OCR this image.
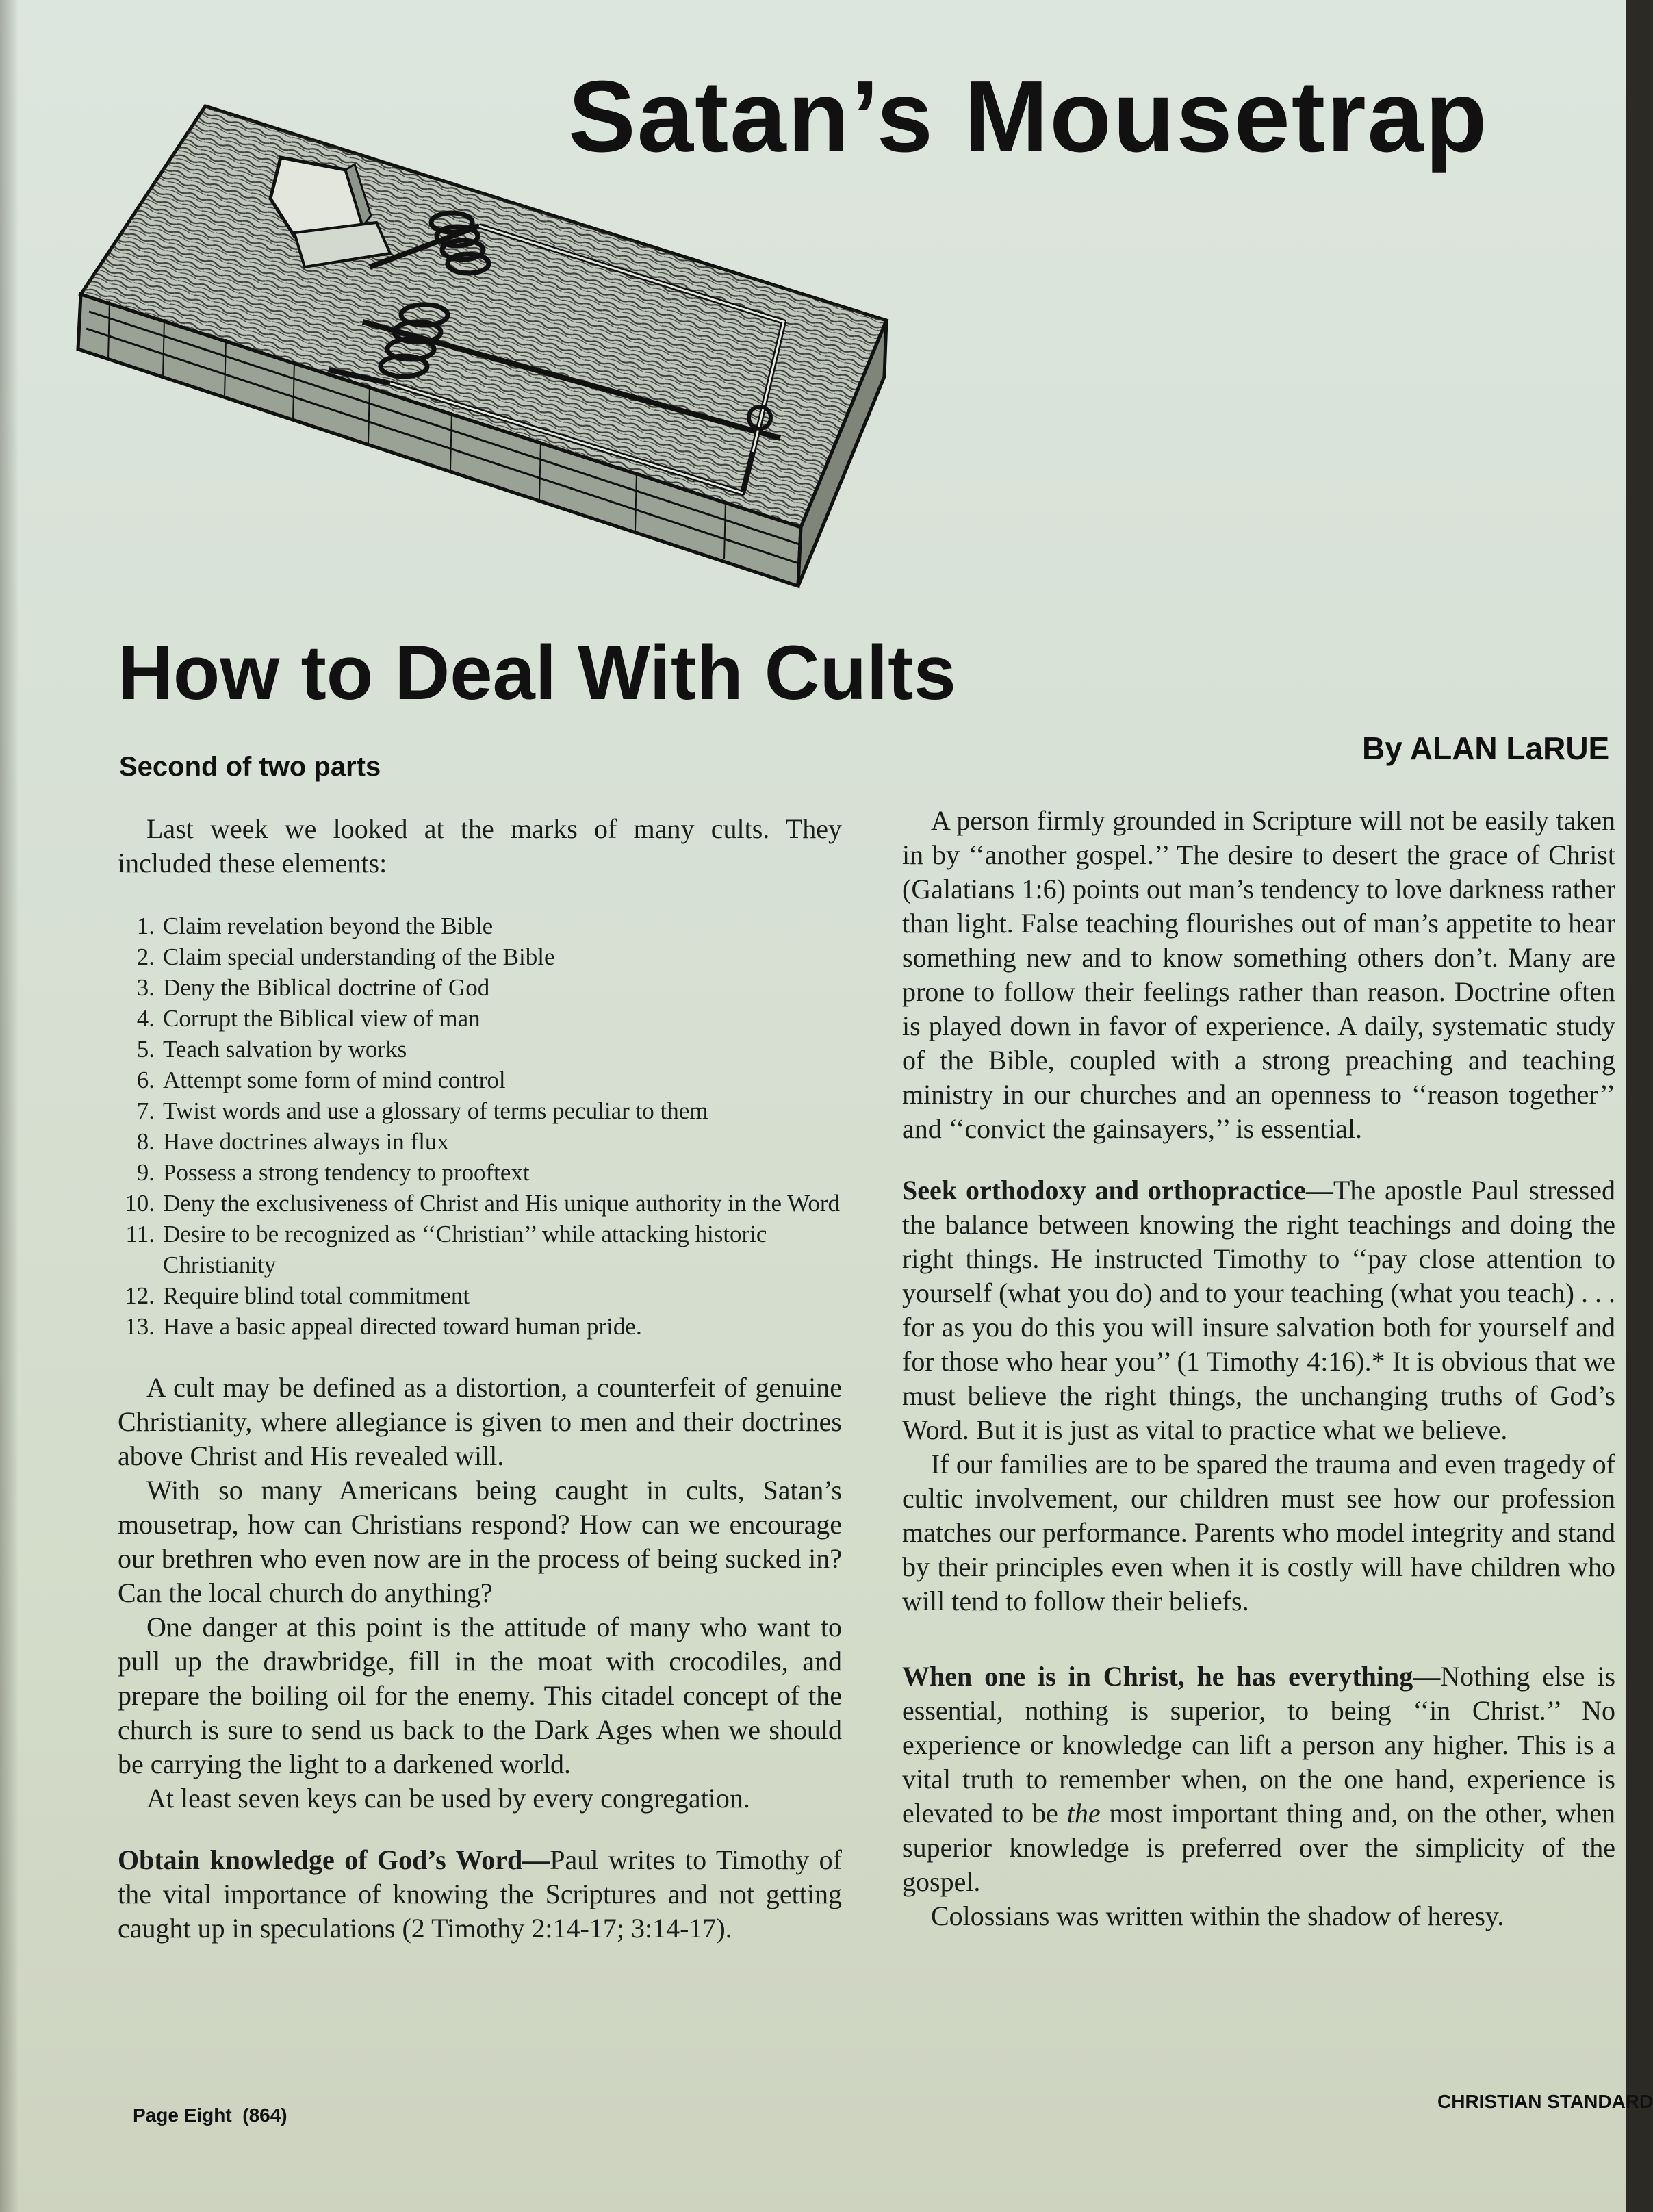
Satan’s Mousetrap
How to Deal With Cults
Second of two parts
By ALAN LaRUE

Last week we looked at the marks of many cults. They included these elements:

1. Claim revelation beyond the Bible
2. Claim special understanding of the Bible
3. Deny the Biblical doctrine of God
4. Corrupt the Biblical view of man
5. Teach salvation by works
6. Attempt some form of mind control
7. Twist words and use a glossary of terms peculiar to them
8. Have doctrines always in flux
9. Possess a strong tendency to prooftext
10. Deny the exclusiveness of Christ and His unique authority in the Word
11. Desire to be recognized as ‘‘Christian’’ while attacking historic Christianity
12. Require blind total commitment
13. Have a basic appeal directed toward human pride.

A cult may be defined as a distortion, a counterfeit of genuine Christianity, where allegiance is given to men and their doctrines above Christ and His revealed will.

With so many Americans being caught in cults, Satan’s mousetrap, how can Christians respond? How can we encourage our brethren who even now are in the process of being sucked in? Can the local church do anything?

One danger at this point is the attitude of many who want to pull up the drawbridge, fill in the moat with crocodiles, and prepare the boiling oil for the enemy. This citadel concept of the church is sure to send us back to the Dark Ages when we should be carrying the light to a darkened world.

At least seven keys can be used by every congregation.

Obtain knowledge of God’s Word—Paul writes to Timothy of the vital importance of knowing the Scriptures and not getting caught up in speculations (2 Timothy 2:14-17; 3:14-17).

A person firmly grounded in Scripture will not be easily taken in by ‘‘another gospel.’’ The desire to desert the grace of Christ (Galatians 1:6) points out man’s tendency to love darkness rather than light. False teaching flourishes out of man’s appetite to hear something new and to know something others don’t. Many are prone to follow their feelings rather than reason. Doctrine often is played down in favor of experience. A daily, systematic study of the Bible, coupled with a strong preaching and teaching ministry in our churches and an openness to ‘‘reason together’’ and ‘‘convict the gainsayers,’’ is essential.

Seek orthodoxy and orthopractice—The apostle Paul stressed the balance between knowing the right teachings and doing the right things. He instructed Timothy to ‘‘pay close attention to yourself (what you do) and to your teaching (what you teach) . . . for as you do this you will insure salvation both for yourself and for those who hear you’’ (1 Timothy 4:16).* It is obvious that we must believe the right things, the unchanging truths of God’s Word. But it is just as vital to practice what we believe.

If our families are to be spared the trauma and even tragedy of cultic involvement, our children must see how our profession matches our performance. Parents who model integrity and stand by their principles even when it is costly will have children who will tend to follow their beliefs.

When one is in Christ, he has everything—Nothing else is essential, nothing is superior, to being ‘‘in Christ.’’ No experience or knowledge can lift a person any higher. This is a vital truth to remember when, on the one hand, experience is elevated to be the most important thing and, on the other, when superior knowledge is preferred over the simplicity of the gospel.

Colossians was written within the shadow of heresy.

Page Eight  (864)
CHRISTIAN STANDARD
